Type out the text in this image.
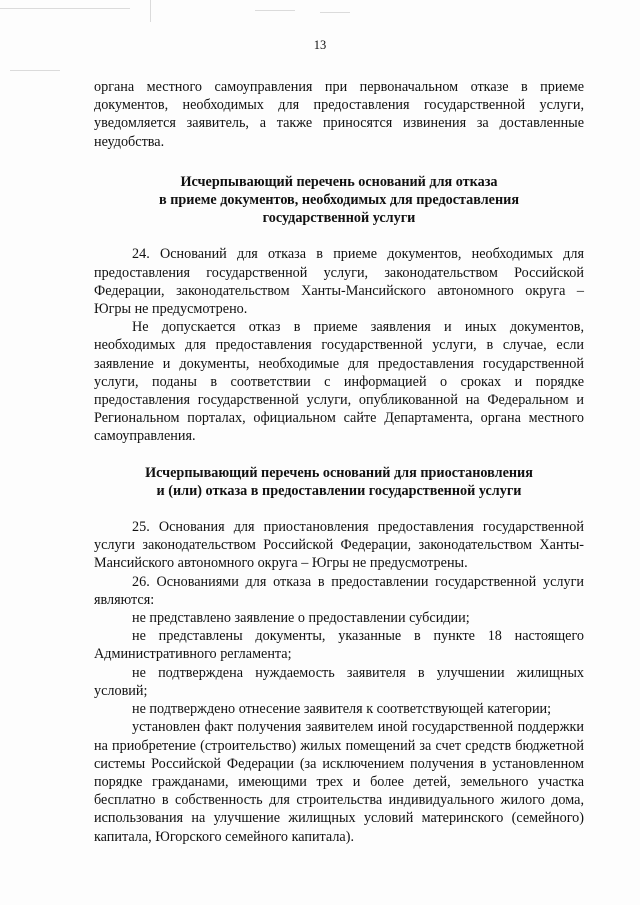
13

органа местного самоуправления при первоначальном отказе в приеме документов, необходимых для предоставления государственной услуги, уведомляется заявитель, а также приносятся извинения за доставленные неудобства.

Исчерпывающий перечень оснований для отказа
в приеме документов, необходимых для предоставления
государственной услуги

24. Оснований для отказа в приеме документов, необходимых для предоставления государственной услуги, законодательством Российской Федерации, законодательством Ханты-Мансийского автономного округа – Югры не предусмотрено.

Не допускается отказ в приеме заявления и иных документов, необходимых для предоставления государственной услуги, в случае, если заявление и документы, необходимые для предоставления государственной услуги, поданы в соответствии с информацией о сроках и порядке предоставления государственной услуги, опубликованной на Федеральном и Региональном порталах, официальном сайте Департамента, органа местного самоуправления.

Исчерпывающий перечень оснований для приостановления
и (или) отказа в предоставлении государственной услуги

25. Основания для приостановления предоставления государственной услуги законодательством Российской Федерации, законодательством Ханты-Мансийского автономного округа – Югры не предусмотрены.

26. Основаниями для отказа в предоставлении государственной услуги являются:

не представлено заявление о предоставлении субсидии;

не представлены документы, указанные в пункте 18 настоящего Административного регламента;

не подтверждена нуждаемость заявителя в улучшении жилищных условий;

не подтверждено отнесение заявителя к соответствующей категории;

установлен факт получения заявителем иной государственной поддержки на приобретение (строительство) жилых помещений за счет средств бюджетной системы Российской Федерации (за исключением получения в установленном порядке гражданами, имеющими трех и более детей, земельного участка бесплатно в собственность для строительства индивидуального жилого дома, использования на улучшение жилищных условий материнского (семейного) капитала, Югорского семейного капитала).
